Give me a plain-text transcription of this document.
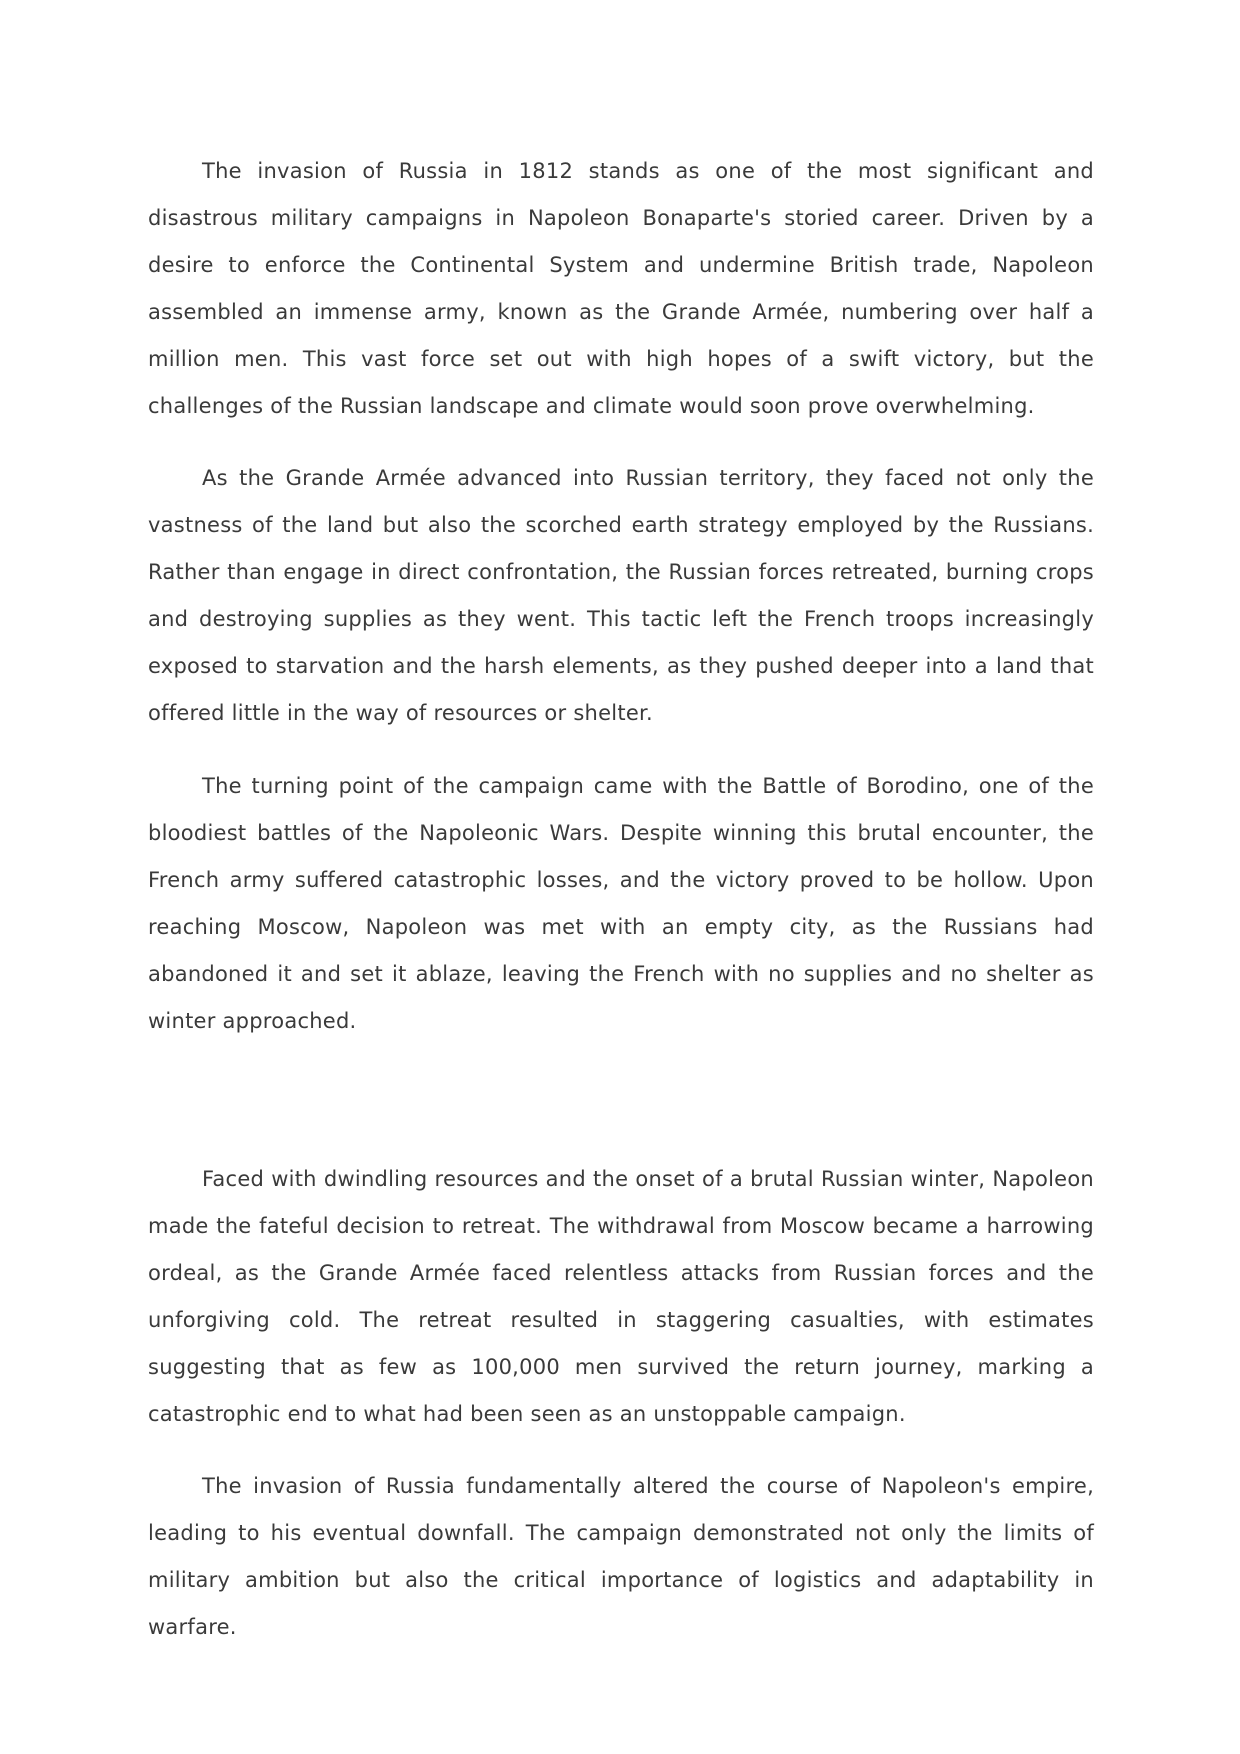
The invasion of Russia in 1812 stands as one of the most significant and disastrous military campaigns in Napoleon Bonaparte's storied career. Driven by a desire to enforce the Continental System and undermine British trade, Napoleon assembled an immense army, known as the Grande Armée, numbering over half a million men. This vast force set out with high hopes of a swift victory, but the challenges of the Russian landscape and climate would soon prove overwhelming.

As the Grande Armée advanced into Russian territory, they faced not only the vastness of the land but also the scorched earth strategy employed by the Russians. Rather than engage in direct confrontation, the Russian forces retreated, burning crops and destroying supplies as they went. This tactic left the French troops increasingly exposed to starvation and the harsh elements, as they pushed deeper into a land that offered little in the way of resources or shelter.

The turning point of the campaign came with the Battle of Borodino, one of the bloodiest battles of the Napoleonic Wars. Despite winning this brutal encounter, the French army suffered catastrophic losses, and the victory proved to be hollow. Upon reaching Moscow, Napoleon was met with an empty city, as the Russians had abandoned it and set it ablaze, leaving the French with no supplies and no shelter as winter approached.

Faced with dwindling resources and the onset of a brutal Russian winter, Napoleon made the fateful decision to retreat. The withdrawal from Moscow became a harrowing ordeal, as the Grande Armée faced relentless attacks from Russian forces and the unforgiving cold. The retreat resulted in staggering casualties, with estimates suggesting that as few as 100,000 men survived the return journey, marking a catastrophic end to what had been seen as an unstoppable campaign.

The invasion of Russia fundamentally altered the course of Napoleon's empire, leading to his eventual downfall. The campaign demonstrated not only the limits of military ambition but also the critical importance of logistics and adaptability in warfare.
